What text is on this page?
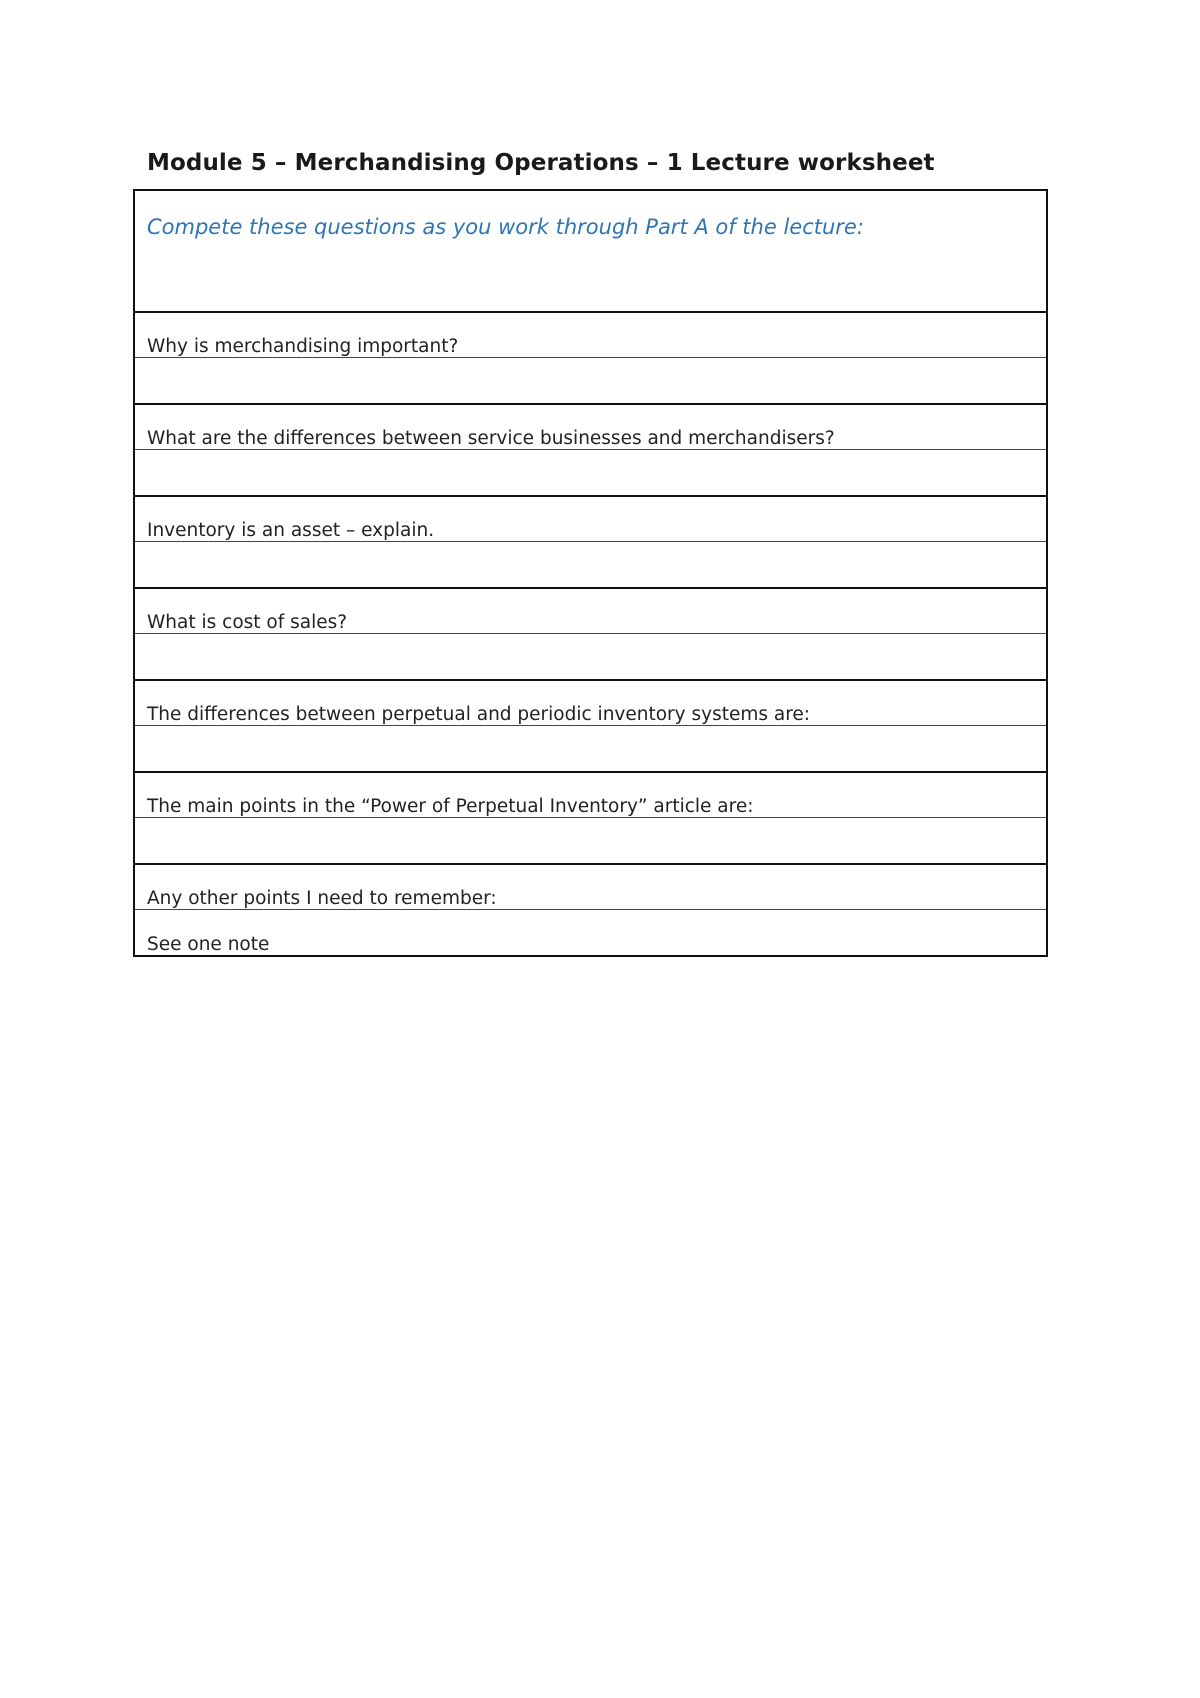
Module 5 – Merchandising Operations – 1 Lecture worksheet
Compete these questions as you work through Part A of the lecture:

Why is merchandising important?

What are the differences between service businesses and merchandisers?

Inventory is an asset – explain.

What is cost of sales?

The differences between perpetual and periodic inventory systems are:

The main points in the “Power of Perpetual Inventory” article are:

Any other points I need to remember:

See one note
